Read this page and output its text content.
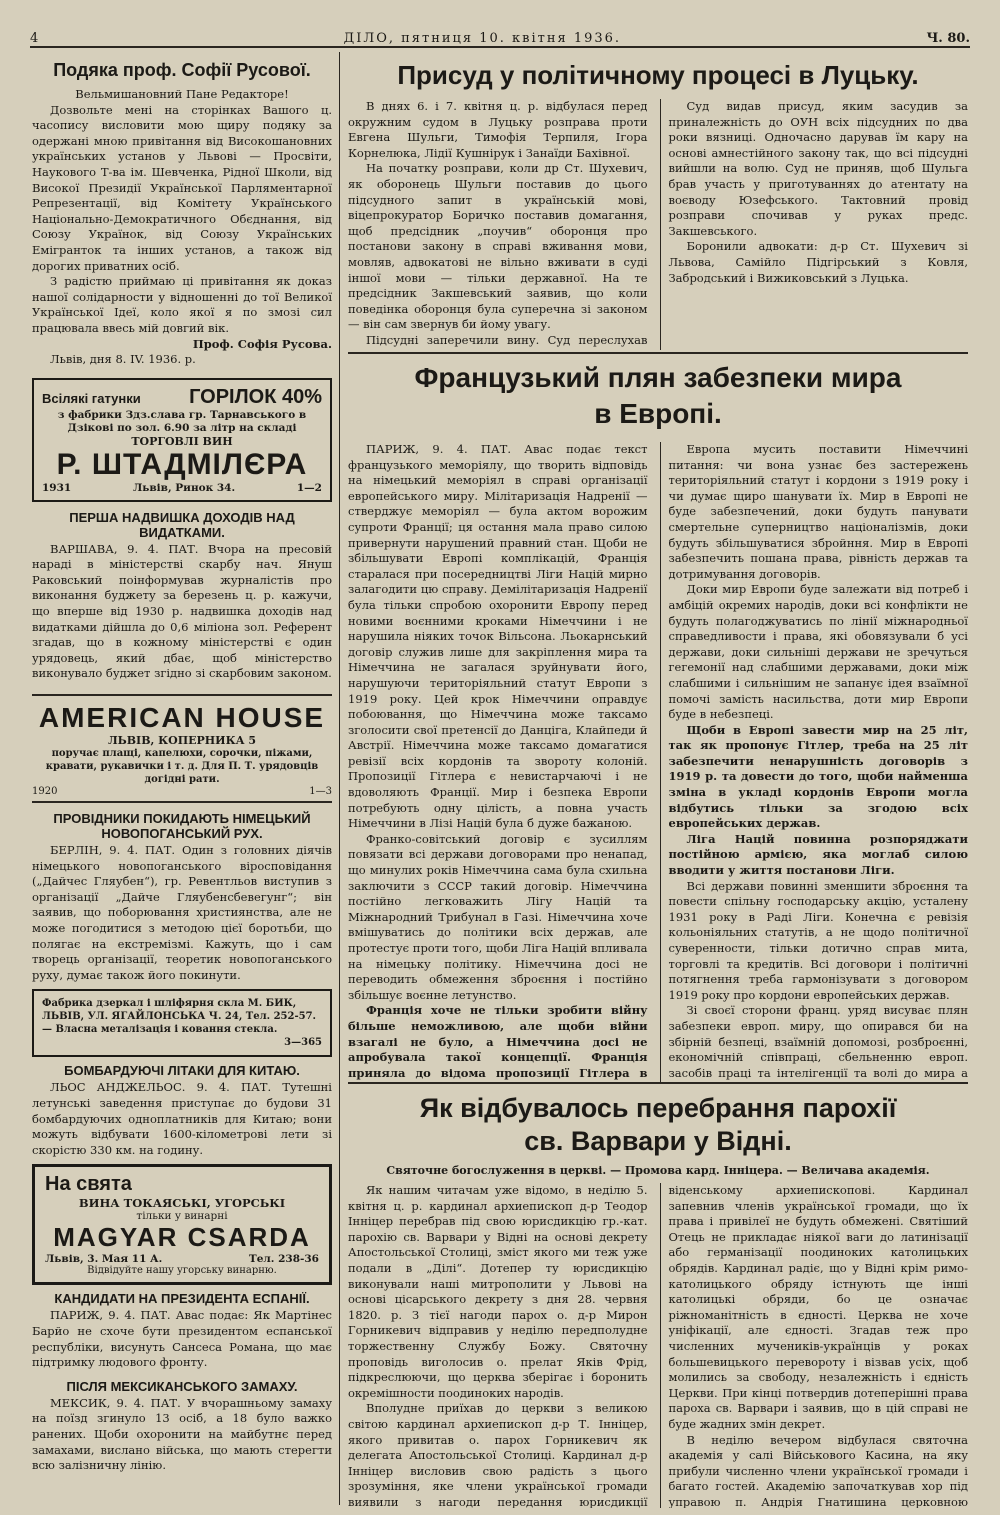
4	ДІЛО, пятниця 10. квітня 1936.	Ч. 80.
Подяка проф. Софії Русової.

Вельмишановний Пане Редакторе!

Дозвольте мені на сторінках Вашого ц. часопису висловити мою щиру подяку за одержані мною привітання від Високошановних українських установ у Львові — Просвіти, Наукового Т-ва ім. Шевченка, Рідної Школи, від Високої Президії Української Парляментарної Репрезентації, від Комітету Українського Національно-Демократичного Обєднання, від Союзу Українок, від Союзу Українських Емігранток та інших установ, а також від дорогих приватних осіб.

З радістю приймаю ці привітання як доказ нашої солідарности у відношенні до тої Великої Української Ідеї, коло якої я по змозі сил працювала ввесь мій довгий вік.

Проф. Софія Русова.

Львів, дня 8. IV. 1936. р.

Всілякі гатунки ГОРІЛОК 40%
з фабрики Здз.слава гр. Тарнавського в Дзікові по зол. 6.90 за літр на складі
ТОРГОВЛІ ВИН
Р. ШТАДМІЛЄРА
1931	Львів, Ринок 34.	1—2
ПЕРША НАДВИШКА ДОХОДІВ НАД ВИДАТКАМИ.

ВАРШАВА, 9. 4. ПАТ. Вчора на пресовій нараді в міністерстві скарбу нач. Януш Раковський поінформував журналістів про виконання буджету за березень ц. р. кажучи, що вперше від 1930 р. надвишка доходів над видатками дійшла до 0,6 міліона зол. Референт згадав, що в кожному міністерстві є один урядовець, який дбає, щоб міністерство виконувало буджет згідно зі скарбовим законом.

AMERICAN HOUSE
ЛЬВІВ, КОПЕРНИКА 5
поручає плащі, капелюхи, сорочки, піжами, кравати, рукавички і т. д. Для П. Т. урядовців догідні рати.
1920	1—3
ПРОВІДНИКИ ПОКИДАЮТЬ НІМЕЦЬКИЙ НОВОПОГАНСЬКИЙ РУХ.

БЕРЛІН, 9. 4. ПАТ. Один з головних діячів німецького новопоганського віросповідання („Дайчес Гляубен“), гр. Ревентльов виступив з організації „Дайче Гляубенсбевегунг“; він заявив, що поборювання християнства, але не може погодитися з методою цієї боротьби, що полягає на екстремізмі. Кажуть, що і сам творець організації, теоретик новопоганського руху, думає також його покинути.

Фабрика дзеркал і шліфярня скла М. БИК, ЛЬВІВ, УЛ. ЯГАЙЛОНСЬКА Ч. 24, Тел. 252-57. — Власна металізація і ковання стекла.
3—365
БОМБАРДУЮЧІ ЛІТАКИ ДЛЯ КИТАЮ.

ЛЬОС АНДЖЕЛЬОС. 9. 4. ПАТ. Тутешні летунські заведення приступає до будови 31 бомбардуючих одноплатників для Китаю; вони можуть відбувати 1600-кілометрові лети зі скорістю 330 км. на годину.

На свята
ВИНА ТОКАЯСЬКІ, УГОРСЬКІ
тільки у винарні
MAGYAR CSARDA
Львів, 3. Мая 11 А.	Тел. 238-36
Відвідуйте нашу угорську винарню.
КАНДИДАТИ НА ПРЕЗИДЕНТА ЕСПАНІЇ.

ПАРИЖ, 9. 4. ПАТ. Авас подає: Як Мартінес Барйо не схоче бути президентом еспанської республіки, висунуть Сансеса Романа, що має підтримку людового фронту.

ПІСЛЯ МЕКСИКАНСЬКОГО ЗАМАХУ.

МЕКСИК, 9. 4. ПАТ. У вчорашньому замаху на поїзд згинуло 13 осіб, а 18 було важко ранених. Щоби охоронити на майбутнє перед замахами, вислано війська, що мають стерегти всю залізничну лінію.

Присуд у політичному процесі в Луцьку.

В днях 6. і 7. квітня ц. р. відбулася перед окружним судом в Луцьку розправа проти Евгена Шульги, Тимофія Терпиля, Ігора Корнелюка, Лідії Кушнірук і Занаїди Бахівної.

На початку розправи, коли др Ст. Шухевич, як оборонець Шульги поставив до цього підсудного запит в українській мові, віцепрокуратор Боричко поставив домагання, щоб предсідник „поучив“ оборонця про постанови закону в справі вживання мови, мовляв, адвокатові не вільно вживати в суді іншої мови — тільки державної. На те предсідник Закшевський заявив, що коли поведінка оборонця була суперечна зі законом — він сам звернув би йому увагу.

Підсудні заперечили вину. Суд переслухав

Суд видав присуд, яким засудив за приналежність до ОУН всіх підсудних по два роки вязниці. Одночасно дарував їм кару на основі амнестійного закону так, що всі підсудні вийшли на волю. Суд не приняв, щоб Шульга брав участь у приготуваннях до атентату на воєводу Юзефського. Тактовний провід розправи спочивав у руках предс. Закшевського.

Боронили адвокати: д-р Ст. Шухевич зі Львова, Самійло Підгірський з Ковля, Забродський і Вижиковський з Луцька.

Французький плян забезпеки мира в Европі.

ПАРИЖ, 9. 4. ПАТ. Авас подає текст французького меморіялу, що творить відповідь на німецький меморіял в справі організації европейського миру. Мілітаризація Надренії — стверджує меморіял — була актом ворожим супроти Франції; ця остання мала право силою привернути нарушений правний стан. Щоби не збільшувати Европі комплікацій, Франція старалася при посередництві Ліги Націй мирно залагодити цю справу. Демілітаризація Надренії була тільки спробою охоронити Европу перед новими воєнними кроками Німеччини і не нарушила ніяких точок Вільсона. Льокарнський договір служив лише для закріплення мира та Німеччина не загалася зруйнувати його, нарушуючи територіяльний статут Европи з 1919 року. Цей крок Німеччини оправдує побоювання, що Німеччина може таксамо зголосити свої претенсії до Данціга, Клайпеди й Австрії. Німеччина може таксамо домагатися ревізії всіх кордонів та звороту колоній. Пропозиції Гітлера є невистарчаючі і не вдоволяють Франції. Мир і безпека Европи потребують одну цілість, а повна участь Німеччини в Лізі Націй була б дуже бажаною.

Франко-совітський договір є зусиллям повязати всі держави договорами про ненапад, що минулих років Німеччина сама була схильна заключити з СССР такий договір. Німеччина постійно легковажить Лігу Націй та Міжнародний Трибунал в Газі. Німеччина хоче вмішуватись до політики всіх держав, але протестує проти того, щоби Ліга Націй впливала на німецьку політику. Німеччина досі не переводить обмеження зброєння і постійно збільшує воєнне летунство.

Франція хоче не тільки зробити війну більше неможливою, але щоби війни взагалі не було, а Німеччина досі не апробувала такої концепції. Франція приняла до відома пропозиції Гітлера в

Европа мусить поставити Німеччині питання: чи вона узнає без застережень територіяльний статут і кордони з 1919 року і чи думає щиро шанувати їх. Мир в Европі не буде забезпечений, доки будуть панувати смертельне суперництво націоналізмів, доки будуть збільшуватися збройння. Мир в Европі забезпечить пошана права, рівність держав та дотримування договорів.

Доки мир Европи буде залежати від потреб і амбіцій окремих народів, доки всі конфлікти не будуть полагоджуватись по лінії міжнародньої справедливости і права, які обовязували б усі держави, доки сильніші держави не зречуться гегемонії над слабшими державами, доки між слабшими і сильнішим не запанує ідея взаїмної помочі замість насильства, доти мир Европи буде в небезпеці.

Щоби в Европі завести мир на 25 літ, так як пропонує Гітлер, треба на 25 літ забезпечити ненарушність договорів з 1919 р. та довести до того, щоби найменша зміна в укладі кордонів Европи могла відбутись тільки за згодою всіх европейських держав.

Ліга Націй повинна розпоряджати постійною армією, яка моглаб силою вводити у життя постанови Ліги.

Всі держави повинні зменшити зброєння та повести спільну господарську акцію, усталену 1931 року в Раді Ліги. Конечна є ревізія кольоніяльних статутів, а не щодо політичної суверенности, тільки дотично справ мита, торговлі та кредитів. Всі договори і політичні потягнення треба гармонізувати з договором 1919 року про кордони европейських держав.

Зі своєї сторони франц. уряд висуває плян забезпеки европ. миру, що опирався би на збірній безпеці, взаїмній допомозі, розброєнні, економічній співпраці, сбельненню европ. засобів праці та інтелігенції та волі до мира а

Як відбувалось перебрання парохії
св. Варвари у Відні.
Святочне богослуження в церкві. — Промова кард. Інніцера. — Величава академія.

Як нашим читачам уже відомо, в неділю 5. квітня ц. р. кардинал архиепископ д-р Теодор Інніцер перебрав під свою юрисдикцію гр.-кат. парохію св. Варвари у Відні на основі декрету Апостольської Столиці, зміст якого ми теж уже подали в „Ділі“. Дотепер ту юрисдикцію виконували наші митрополити у Львові на основі цісарського декрету з дня 28. червня 1820. р. З тієї нагоди парох о. д-р Мирон Горникевич відправив у неділю передполудне торжественну Службу Божу. Святочну проповідь виголосив о. прелат Яків Фрід, підкреслюючи, що церква зберігає і боронить окремішности поодиноких народів.

Вполудне приїхав до церкви з великою світою кардинал архиепископ д-р Т. Інніцер, якого привитав о. парох Горникевич як делегата Апостольської Столиці. Кардинал д-р Інніцер висловив свою радість з цього зрозуміння, яке члени української громади виявили з нагоди передання юрисдикції

віденському архиепископові. Кардинал запевнив членів української громади, що їх права і привілеї не будуть обмежені. Святіший Отець не прикладає ніякої ваги до латинізації або германізації поодиноких католицьких обрядів. Кардинал радіє, що у Відні крім римо-католицького обряду істнують ще інші католицькі обряди, бо це означає ріжноманітність в єдності. Церква не хоче уніфікації, але єдності. Згадав теж про численних мучеників-українців у роках большевицького перевороту і візвав усіх, щоб молились за свободу, незалежність і єдність Церкви. При кінці потвердив дотеперішні права пароха св. Варвари і заявив, що в цій справі не буде жадних змін декрет.

В неділю вечером відбулася святочна академія у салі Військового Касина, на яку прибули численно члени української громади і багато гостей. Академію започаткував хор під управою п. Андрія Гнатишина церковною
